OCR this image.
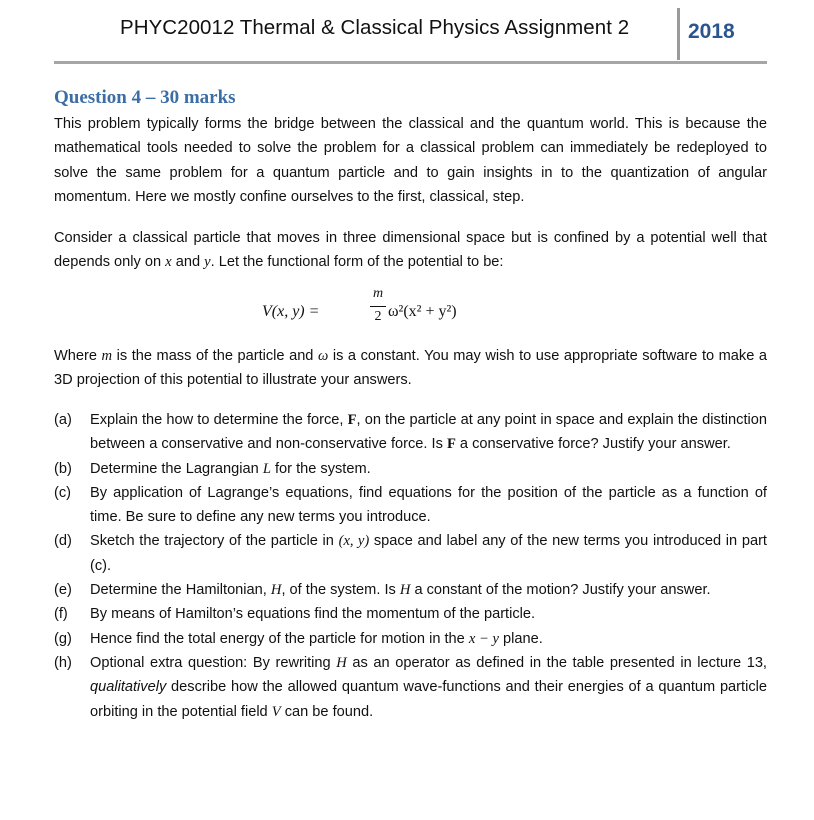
PHYC20012 Thermal & Classical Physics Assignment 2	2018
Question 4 – 30 marks
This problem typically forms the bridge between the classical and the quantum world. This is because the mathematical tools needed to solve the problem for a classical problem can immediately be redeployed to solve the same problem for a quantum particle and to gain insights in to the quantization of angular momentum. Here we mostly confine ourselves to the first, classical, step.
Consider a classical particle that moves in three dimensional space but is confined by a potential well that depends only on x and y. Let the functional form of the potential to be:
V(x, y) =
m
2 ω²(x² + y²)
Where m is the mass of the particle and ω is a constant. You may wish to use appropriate software to make a 3D projection of this potential to illustrate your answers.
(a) Explain the how to determine the force, F, on the particle at any point in space and explain the distinction between a conservative and non-conservative force. Is F a conservative force? Justify your answer.
(b) Determine the Lagrangian L for the system.
(c) By application of Lagrange’s equations, find equations for the position of the particle as a function of time. Be sure to define any new terms you introduce.
(d) Sketch the trajectory of the particle in (x, y) space and label any of the new terms you introduced in part (c).
(e) Determine the Hamiltonian, H, of the system. Is H a constant of the motion? Justify your answer.
(f) By means of Hamilton’s equations find the momentum of the particle.
(g) Hence find the total energy of the particle for motion in the x − y plane.
(h) Optional extra question: By rewriting H as an operator as defined in the table presented in lecture 13, qualitatively describe how the allowed quantum wave-functions and their energies of a quantum particle orbiting in the potential field V can be found.
